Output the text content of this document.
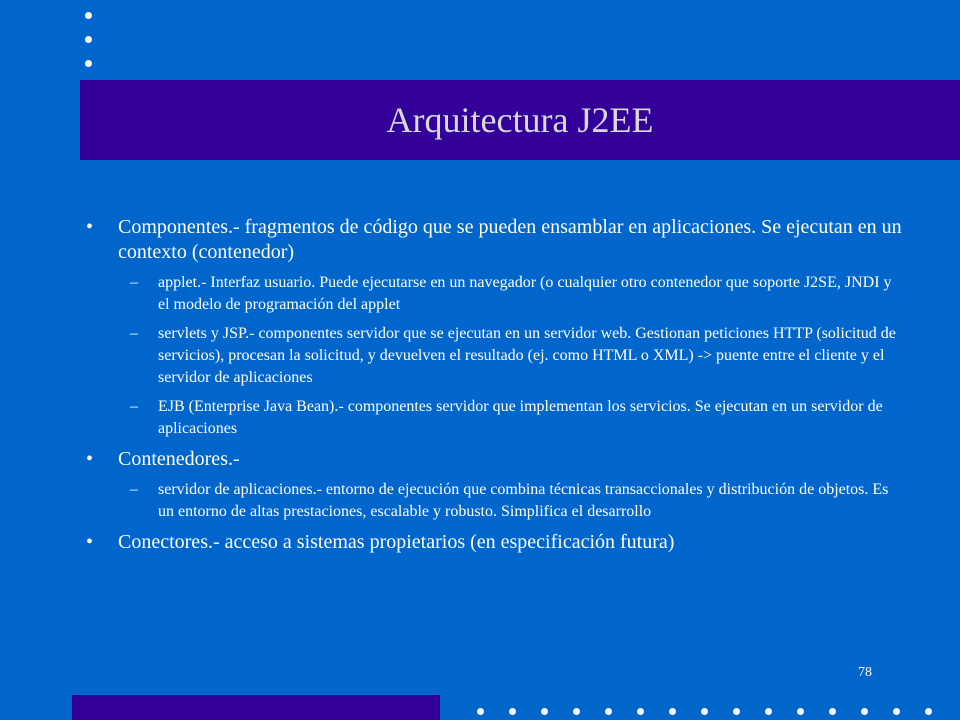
Arquitectura J2EE
• Componentes.- fragmentos de código que se pueden ensamblar en aplicaciones. Se ejecutan en un contexto (contenedor)
– applet.- Interfaz usuario. Puede ejecutarse en un navegador (o cualquier otro contenedor que soporte J2SE, JNDI y el modelo de programación del applet
– servlets y JSP.- componentes servidor que se ejecutan en un servidor web. Gestionan peticiones HTTP (solicitud de servicios), procesan la solicitud, y devuelven el resultado (ej. como HTML o XML) -> puente entre el cliente y el servidor de aplicaciones
– EJB (Enterprise Java Bean).- componentes servidor que implementan los servicios. Se ejecutan en un servidor de aplicaciones
• Contenedores.-
– servidor de aplicaciones.- entorno de ejecución que combina técnicas transaccionales y distribución de objetos. Es un entorno de altas prestaciones, escalable y robusto. Simplifica el desarrollo
• Conectores.- acceso a sistemas propietarios (en especificación futura)
78
